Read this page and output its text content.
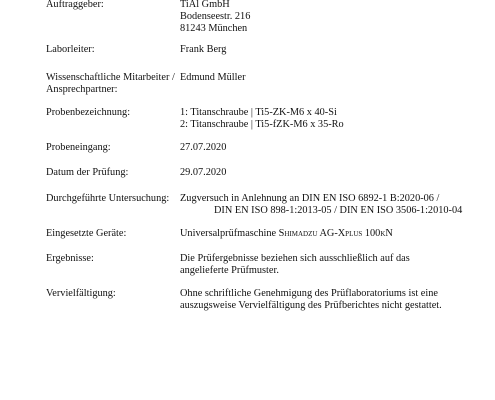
Auftraggeber:	TiAl GmbH
Bodenseestr. 216
81243 München
Laborleiter:	Frank Berg
Wissenschaftliche Mitarbeiter /
Ansprechpartner:
Edmund Müller
Probenbezeichnung:	1: Titanschraube | Ti5-ZK-M6 x 40-Si
2: Titanschraube | Ti5-fZK-M6 x 35-Ro
Probeneingang:	27.07.2020
Datum der Prüfung:	29.07.2020
Durchgeführte Untersuchung: Zugversuch in Anlehnung an DIN EN ISO 6892-1 B:2020-06 /
DIN EN ISO 898-1:2013-05 / DIN EN ISO 3506-1:2010-04
Eingesetzte Geräte:	Universalprüfmaschine Shimadzu AG-Xplus 100kN
Ergebnisse:	Die Prüfergebnisse beziehen sich ausschließlich auf das
angelieferte Prüfmuster.
Vervielfältigung:	Ohne schriftliche Genehmigung des Prüflaboratoriums ist eine
auszugsweise Vervielfältigung des Prüfberichtes nicht gestattet.
